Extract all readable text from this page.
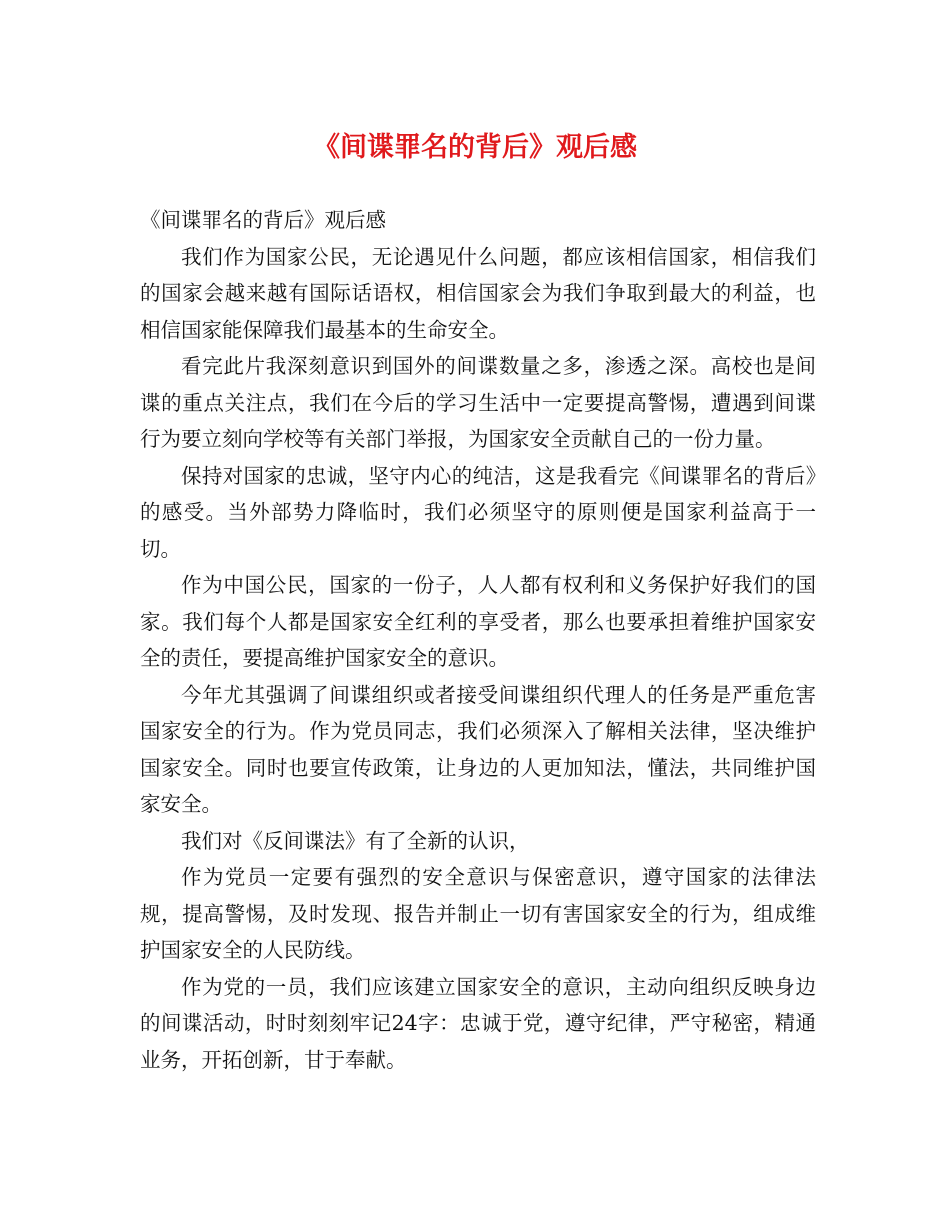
《间谍罪名的背后》观后感

《间谍罪名的背后》观后感

我们作为国家公民，无论遇见什么问题，都应该相信国家，相信我们的国家会越来越有国际话语权，相信国家会为我们争取到最大的利益，也相信国家能保障我们最基本的生命安全。

看完此片我深刻意识到国外的间谍数量之多，渗透之深。高校也是间谍的重点关注点，我们在今后的学习生活中一定要提高警惕，遭遇到间谍行为要立刻向学校等有关部门举报，为国家安全贡献自己的一份力量。

保持对国家的忠诚，坚守内心的纯洁，这是我看完《间谍罪名的背后》的感受。当外部势力降临时，我们必须坚守的原则便是国家利益高于一切。

作为中国公民，国家的一份子，人人都有权利和义务保护好我们的国家。我们每个人都是国家安全红利的享受者，那么也要承担着维护国家安全的责任，要提高维护国家安全的意识。

今年尤其强调了间谍组织或者接受间谍组织代理人的任务是严重危害国家安全的行为。作为党员同志，我们必须深入了解相关法律，坚决维护国家安全。同时也要宣传政策，让身边的人更加知法，懂法，共同维护国家安全。

我们对《反间谍法》有了全新的认识，

作为党员一定要有强烈的安全意识与保密意识，遵守国家的法律法规，提高警惕，及时发现、报告并制止一切有害国家安全的行为，组成维护国家安全的人民防线。

作为党的一员，我们应该建立国家安全的意识，主动向组织反映身边的间谍活动，时时刻刻牢记24字：忠诚于党，遵守纪律，严守秘密，精通业务，开拓创新，甘于奉献。
